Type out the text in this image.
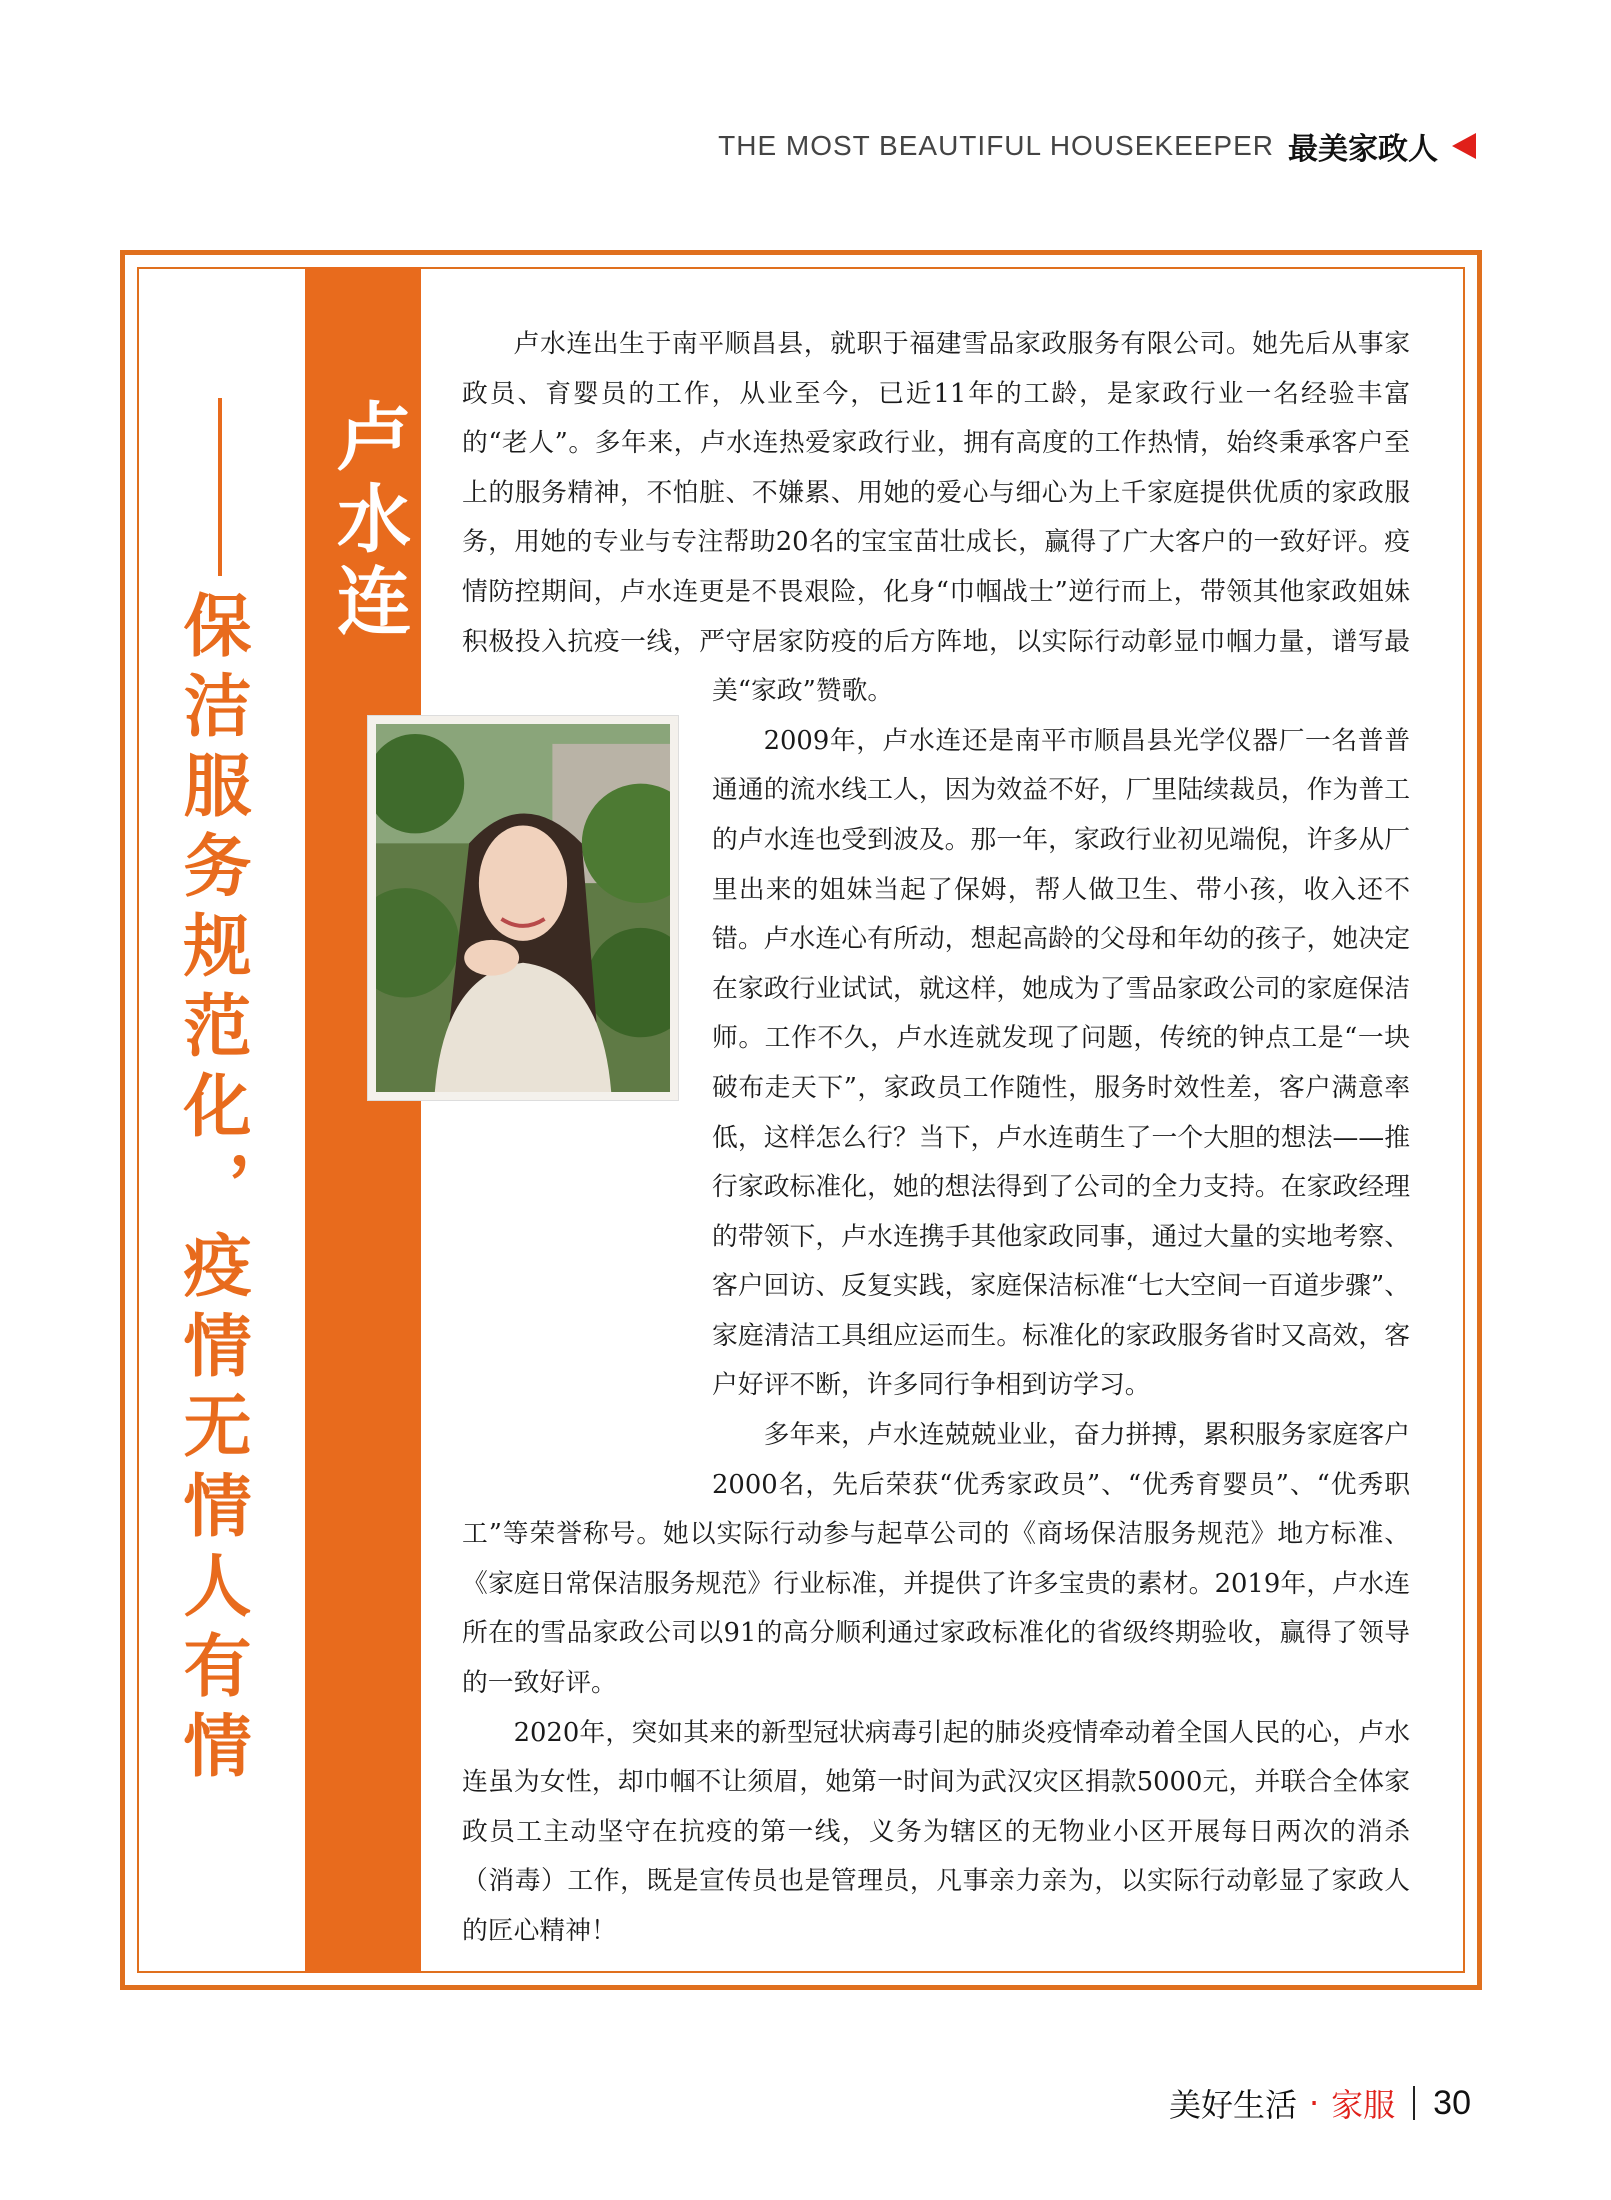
THE MOST BEAUTIFUL HOUSEKEEPER 最美家政人
卢水连
保洁服务规范化，疫情无情人有情

卢水连出生于南平顺昌县，就职于福建雪品家政服务有限公司。她先后从事家政员、育婴员的工作，从业至今，已近11年的工龄，是家政行业一名经验丰富的“老人”。多年来，卢水连热爱家政行业，拥有高度的工作热情，始终秉承客户至上的服务精神，不怕脏、不嫌累、用她的爱心与细心为上千家庭提供优质的家政服务，用她的专业与专注帮助20名的宝宝苗壮成长，赢得了广大客户的一致好评。疫情防控期间，卢水连更是不畏艰险，化身“巾帼战士”逆行而上，带领其他家政姐妹积极投入抗疫一线，严守居家防疫的后方阵地，以实际行动彰显巾帼力量，谱写最美“家政”赞歌。

2009年，卢水连还是南平市顺昌县光学仪器厂一名普普通通的流水线工人，因为效益不好，厂里陆续裁员，作为普工的卢水连也受到波及。那一年，家政行业初见端倪，许多从厂里出来的姐妹当起了保姆，帮人做卫生、带小孩，收入还不错。卢水连心有所动，想起高龄的父母和年幼的孩子，她决定在家政行业试试，就这样，她成为了雪品家政公司的家庭保洁师。工作不久，卢水连就发现了问题，传统的钟点工是“一块破布走天下”，家政员工作随性，服务时效性差，客户满意率低，这样怎么行？当下，卢水连萌生了一个大胆的想法——推行家政标准化，她的想法得到了公司的全力支持。在家政经理的带领下，卢水连携手其他家政同事，通过大量的实地考察、客户回访、反复实践，家庭保洁标准“七大空间一百道步骤”、家庭清洁工具组应运而生。标准化的家政服务省时又高效，客户好评不断，许多同行争相到访学习。

多年来，卢水连兢兢业业，奋力拼搏，累积服务家庭客户2000名，先后荣获“优秀家政员”、“优秀育婴员”、“优秀职工”等荣誉称号。她以实际行动参与起草公司的《商场保洁服务规范》地方标准、《家庭日常保洁服务规范》行业标准，并提供了许多宝贵的素材。2019年，卢水连所在的雪品家政公司以91的高分顺利通过家政标准化的省级终期验收，赢得了领导的一致好评。

2020年，突如其来的新型冠状病毒引起的肺炎疫情牵动着全国人民的心，卢水连虽为女性，却巾帼不让须眉，她第一时间为武汉灾区捐款5000元，并联合全体家政员工主动坚守在抗疫的第一线，义务为辖区的无物业小区开展每日两次的消杀（消毒）工作，既是宣传员也是管理员，凡事亲力亲为，以实际行动彰显了家政人的匠心精神！

美好生活 · 家服 30
